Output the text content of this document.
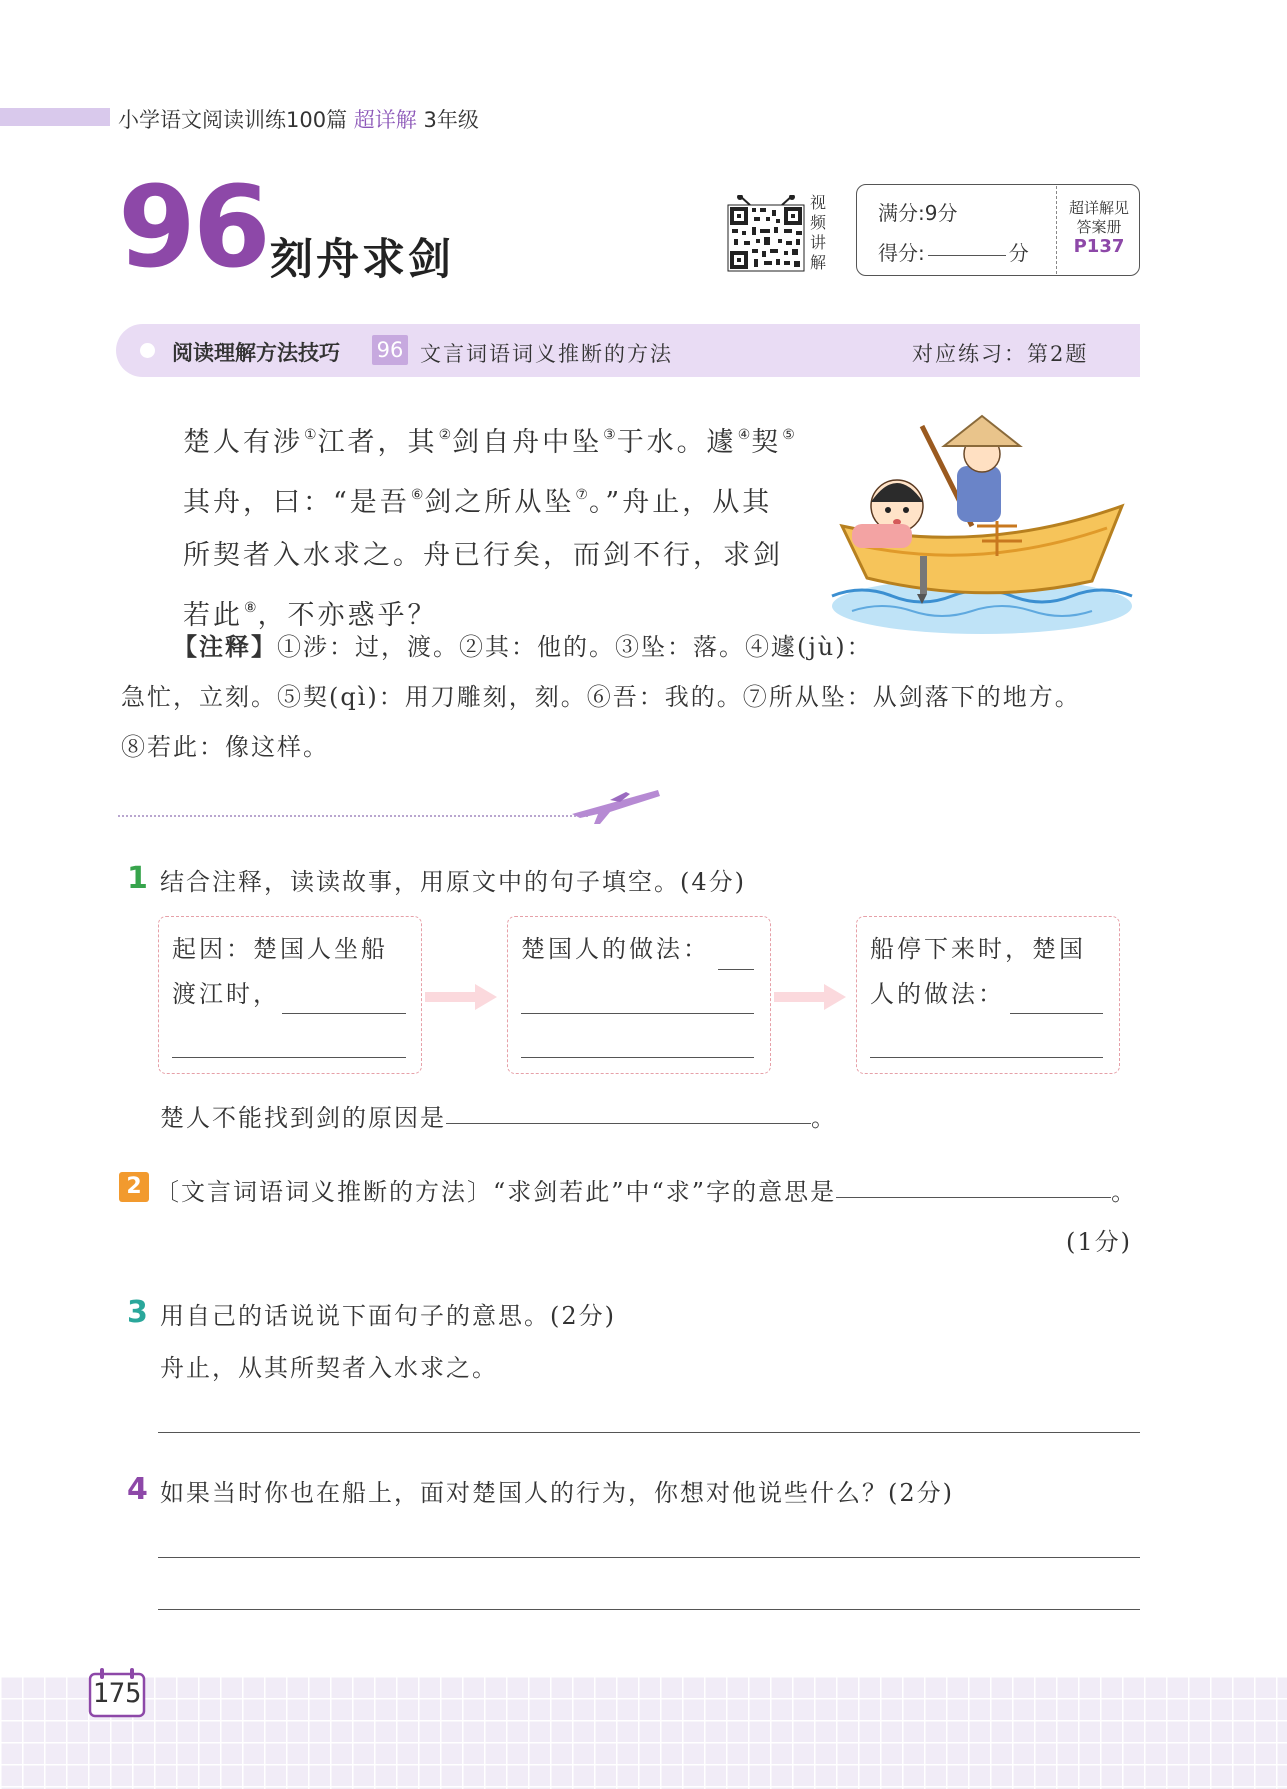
小学语文阅读训练100篇 超详解 3年级
96 刻舟求剑
视
频
讲
解
满分:9分
得分:	分
超详解见
答案册
P137
阅读理解方法技巧 96 文言词语词义推断的方法	对应练习：第2题

楚人有涉①江者，其②剑自舟中坠③于水。遽④契⑤其舟，曰：“是吾⑥剑之所从坠⑦。”舟止，从其所契者入水求之。舟已行矣，而剑不行，求剑若此⑧，不亦惑乎？

【注释】①涉：过，渡。②其：他的。③坠：落。④遽(jù)：
急忙，立刻。⑤契(qì)：用刀雕刻，刻。⑥吾：我的。⑦所从坠：从剑落下的地方。
⑧若此：像这样。
1 结合注释，读读故事，用原文中的句子填空。(4分)
起因：楚国人坐船渡江时，
楚国人的做法：	船停下来时，楚国人的做法：
楚人不能找到剑的原因是	。
2 〔文言词语词义推断的方法〕“求剑若此”中“求”字的意思是	。
(1分)
3 用自己的话说说下面句子的意思。(2分)
舟止，从其所契者入水求之。
4 如果当时你也在船上，面对楚国人的行为，你想对他说些什么？(2分)
175
